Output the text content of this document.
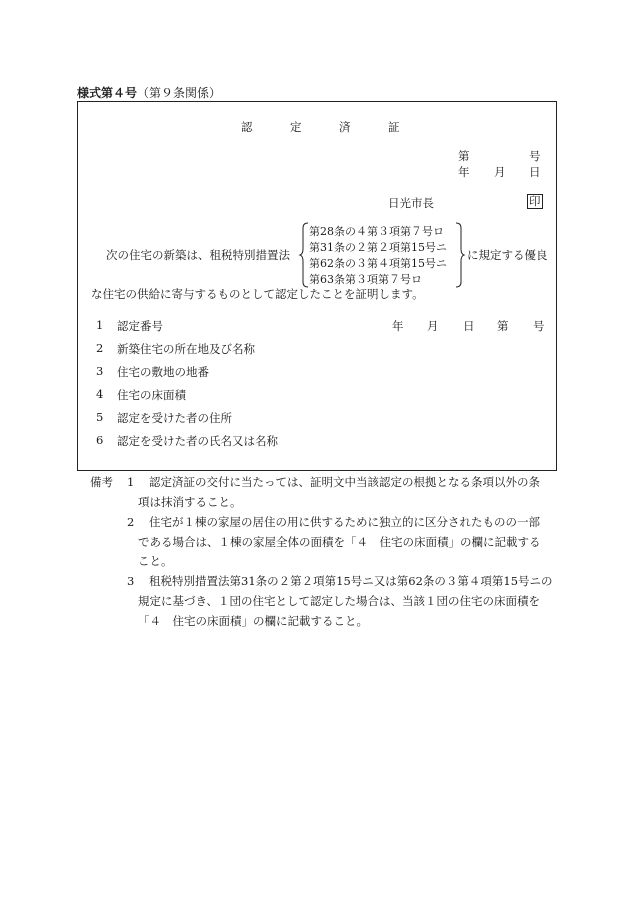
様式第４号（第９条関係）
認	定	済	証
第	号
年 月 日
日光市長	印
次の住宅の新築は、租税特別措置法
第28条の４第３項第７号ロ
第31条の２第２項第15号ニ
第62条の３第４項第15号ニ
第63条第３項第７号ロ
に規定する優良
な住宅の供給に寄与するものとして認定したことを証明します。
1 認定番号	年 月 日 第 号
2 新築住宅の所在地及び名称
3 住宅の敷地の地番
4 住宅の床面積
5 認定を受けた者の住所
6 認定を受けた者の氏名又は名称
備考 1 認定済証の交付に当たっては、証明文中当該認定の根拠となる条項以外の条
項は抹消すること。
2 住宅が１棟の家屋の居住の用に供するために独立的に区分されたものの一部
である場合は、１棟の家屋全体の面積を「４　住宅の床面積」の欄に記載する
こと。
3 租税特別措置法第31条の２第２項第15号ニ又は第62条の３第４項第15号ニの
規定に基づき、１団の住宅として認定した場合は、当該１団の住宅の床面積を
「４　住宅の床面積」の欄に記載すること。
